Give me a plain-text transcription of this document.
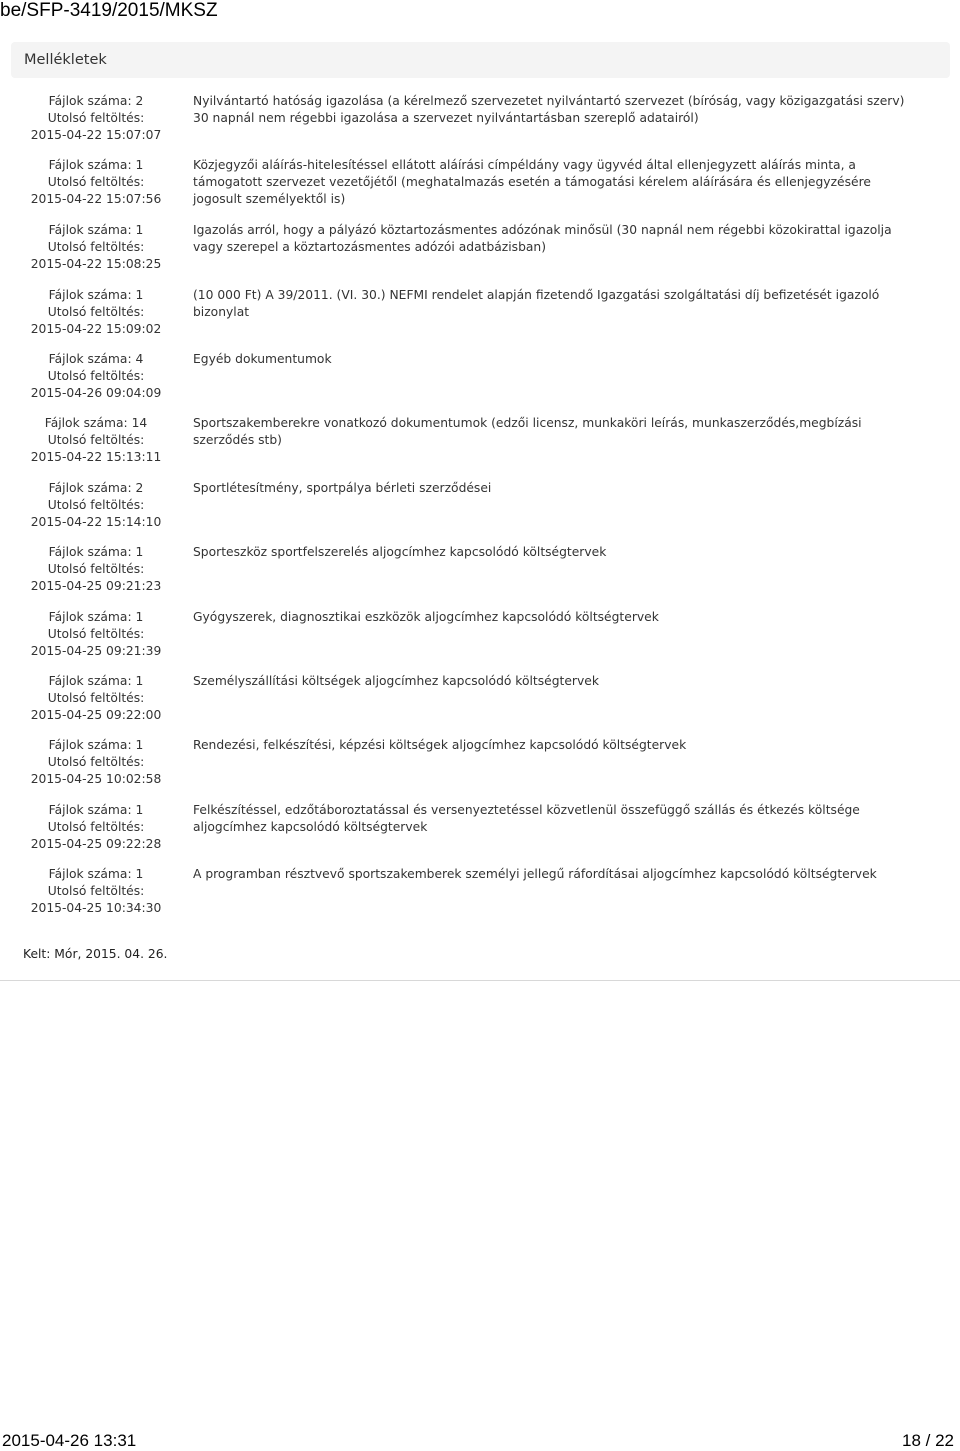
be/SFP-3419/2015/MKSZ
Mellékletek
Fájlok száma: 2
Utolsó feltöltés:
2015-04-22 15:07:07
Nyilvántartó hatóság igazolása (a kérelmező szervezetet nyilvántartó szervezet (bíróság, vagy közigazgatási szerv) 30 napnál nem régebbi igazolása a szervezet nyilvántartásban szereplő adatairól)
Fájlok száma: 1
Utolsó feltöltés:
2015-04-22 15:07:56
Közjegyzői aláírás-hitelesítéssel ellátott aláírási címpéldány vagy ügyvéd által ellenjegyzett aláírás minta, a támogatott szervezet vezetőjétől (meghatalmazás esetén a támogatási kérelem aláírására és ellenjegyzésére jogosult személyektől is)
Fájlok száma: 1
Utolsó feltöltés:
2015-04-22 15:08:25
Igazolás arról, hogy a pályázó köztartozásmentes adózónak minősül (30 napnál nem régebbi közokirattal igazolja vagy szerepel a köztartozásmentes adózói adatbázisban)
Fájlok száma: 1
Utolsó feltöltés:
2015-04-22 15:09:02
(10 000 Ft) A 39/2011. (VI. 30.) NEFMI rendelet alapján fizetendő Igazgatási szolgáltatási díj befizetését igazoló bizonylat
Fájlok száma: 4
Utolsó feltöltés:
2015-04-26 09:04:09
Egyéb dokumentumok
Fájlok száma: 14
Utolsó feltöltés:
2015-04-22 15:13:11
Sportszakemberekre vonatkozó dokumentumok (edzői licensz, munkaköri leírás, munkaszerződés,megbízási szerződés stb)
Fájlok száma: 2
Utolsó feltöltés:
2015-04-22 15:14:10
Sportlétesítmény, sportpálya bérleti szerződései
Fájlok száma: 1
Utolsó feltöltés:
2015-04-25 09:21:23
Sporteszköz sportfelszerelés aljogcímhez kapcsolódó költségtervek
Fájlok száma: 1
Utolsó feltöltés:
2015-04-25 09:21:39
Gyógyszerek, diagnosztikai eszközök aljogcímhez kapcsolódó költségtervek
Fájlok száma: 1
Utolsó feltöltés:
2015-04-25 09:22:00
Személyszállítási költségek aljogcímhez kapcsolódó költségtervek
Fájlok száma: 1
Utolsó feltöltés:
2015-04-25 10:02:58
Rendezési, felkészítési, képzési költségek aljogcímhez kapcsolódó költségtervek
Fájlok száma: 1
Utolsó feltöltés:
2015-04-25 09:22:28
Felkészítéssel, edzőtáboroztatással és versenyeztetéssel közvetlenül összefüggő szállás és étkezés költsége aljogcímhez kapcsolódó költségtervek
Fájlok száma: 1
Utolsó feltöltés:
2015-04-25 10:34:30
A programban résztvevő sportszakemberek személyi jellegű ráfordításai aljogcímhez kapcsolódó költségtervek
Kelt: Mór, 2015. 04. 26.
2015-04-26 13:31	18 / 22
